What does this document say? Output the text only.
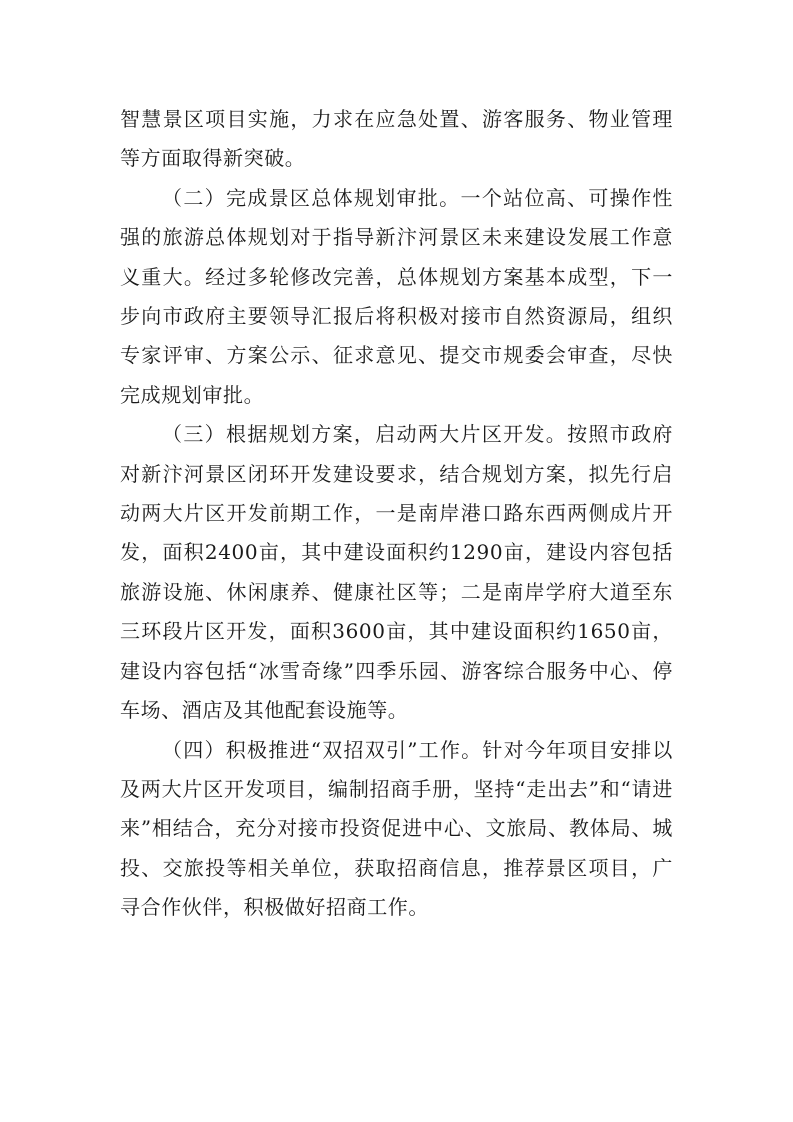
智慧景区项目实施，力求在应急处置、游客服务、物业管理等方面取得新突破。

（二）完成景区总体规划审批。一个站位高、可操作性强的旅游总体规划对于指导新汴河景区未来建设发展工作意义重大。经过多轮修改完善，总体规划方案基本成型，下一步向市政府主要领导汇报后将积极对接市自然资源局，组织专家评审、方案公示、征求意见、提交市规委会审查，尽快完成规划审批。

（三）根据规划方案，启动两大片区开发。按照市政府对新汴河景区闭环开发建设要求，结合规划方案，拟先行启动两大片区开发前期工作，一是南岸港口路东西两侧成片开发，面积2400亩，其中建设面积约1290亩，建设内容包括旅游设施、休闲康养、健康社区等；二是南岸学府大道至东三环段片区开发，面积3600亩，其中建设面积约1650亩，建设内容包括“冰雪奇缘”四季乐园、游客综合服务中心、停车场、酒店及其他配套设施等。

（四）积极推进“双招双引”工作。针对今年项目安排以及两大片区开发项目，编制招商手册，坚持“走出去”和“请进来”相结合，充分对接市投资促进中心、文旅局、教体局、城投、交旅投等相关单位，获取招商信息，推荐景区项目，广寻合作伙伴，积极做好招商工作。
